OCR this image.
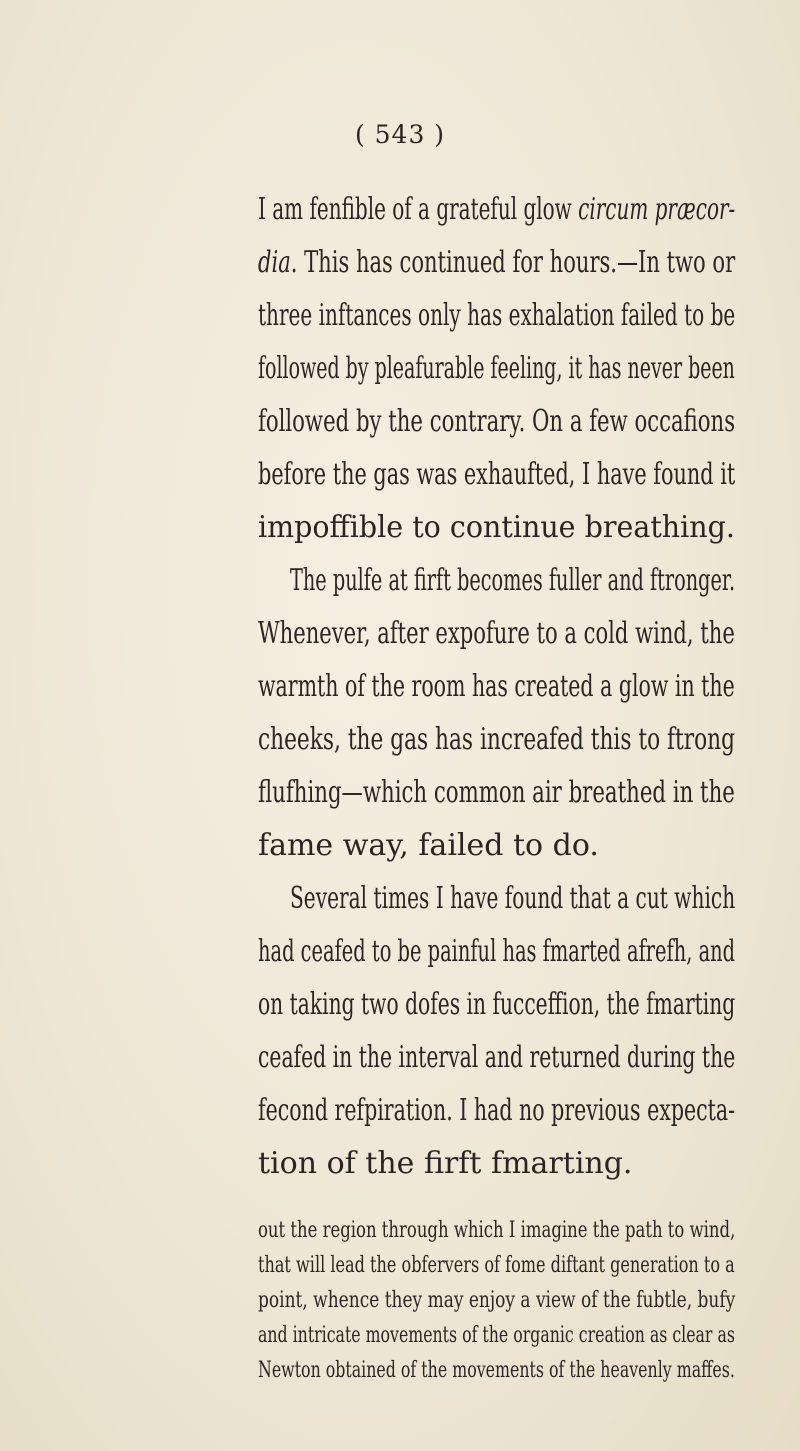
( 543 )
I am fenfible of a grateful glow circum præcor-
dia. This has continued for hours.—In two or
three inftances only has exhalation failed to be
followed by pleafurable feeling, it has never been
followed by the contrary. On a few occafions
before the gas was exhaufted, I have found it
impoffible to continue breathing.
The pulfe at firft becomes fuller and ftronger.
Whenever, after expofure to a cold wind, the
warmth of the room has created a glow in the
cheeks, the gas has increafed this to ftrong
flufhing—which common air breathed in the
fame way, failed to do.
Several times I have found that a cut which
had ceafed to be painful has fmarted afrefh, and
on taking two dofes in fucceffion, the fmarting
ceafed in the interval and returned during the
fecond refpiration. I had no previous expecta-
tion of the firft fmarting.
out the region through which I imagine the path to wind,
that will lead the obfervers of fome diftant generation to a
point, whence they may enjoy a view of the fubtle, bufy
and intricate movements of the organic creation as clear as
Newton obtained of the movements of the heavenly maffes.
